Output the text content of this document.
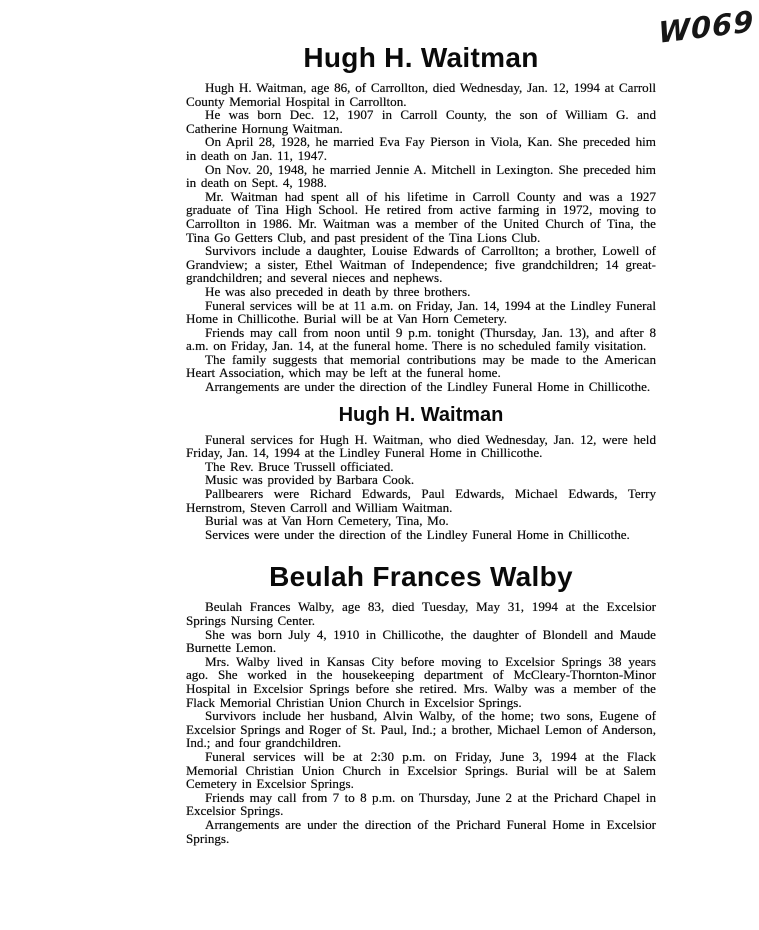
W069
Hugh H. Waitman

Hugh H. Waitman, age 86, of Carrollton, died Wednesday, Jan. 12, 1994 at Carroll County Memorial Hospital in Carrollton.

He was born Dec. 12, 1907 in Carroll County, the son of William G. and Catherine Hornung Waitman.

On April 28, 1928, he married Eva Fay Pierson in Viola, Kan. She preceded him in death on Jan. 11, 1947.

On Nov. 20, 1948, he married Jennie A. Mitchell in Lexington. She preceded him in death on Sept. 4, 1988.

Mr. Waitman had spent all of his lifetime in Carroll County and was a 1927 graduate of Tina High School. He retired from active farming in 1972, moving to Carrollton in 1986. Mr. Waitman was a member of the United Church of Tina, the Tina Go Getters Club, and past president of the Tina Lions Club.

Survivors include a daughter, Louise Edwards of Carrollton; a brother, Lowell of Grandview; a sister, Ethel Waitman of Independence; five grandchildren; 14 great-grandchildren; and several nieces and nephews.

He was also preceded in death by three brothers.

Funeral services will be at 11 a.m. on Friday, Jan. 14, 1994 at the Lindley Funeral Home in Chillicothe. Burial will be at Van Horn Cemetery.

Friends may call from noon until 9 p.m. tonight (Thursday, Jan. 13), and after 8 a.m. on Friday, Jan. 14, at the funeral home. There is no scheduled family visitation.

The family suggests that memorial contributions may be made to the American Heart Association, which may be left at the funeral home.

Arrangements are under the direction of the Lindley Funeral Home in Chillicothe.

Hugh H. Waitman

Funeral services for Hugh H. Waitman, who died Wednesday, Jan. 12, were held Friday, Jan. 14, 1994 at the Lindley Funeral Home in Chillicothe.

The Rev. Bruce Trussell officiated.

Music was provided by Barbara Cook.

Pallbearers were Richard Edwards, Paul Edwards, Michael Edwards, Terry Hernstrom, Steven Carroll and William Waitman.

Burial was at Van Horn Cemetery, Tina, Mo.

Services were under the direction of the Lindley Funeral Home in Chillicothe.

Beulah Frances Walby

Beulah Frances Walby, age 83, died Tuesday, May 31, 1994 at the Excelsior Springs Nursing Center.

She was born July 4, 1910 in Chillicothe, the daughter of Blondell and Maude Burnette Lemon.

Mrs. Walby lived in Kansas City before moving to Excelsior Springs 38 years ago. She worked in the housekeeping department of McCleary-Thornton-Minor Hospital in Excelsior Springs before she retired. Mrs. Walby was a member of the Flack Memorial Christian Union Church in Excelsior Springs.

Survivors include her husband, Alvin Walby, of the home; two sons, Eugene of Excelsior Springs and Roger of St. Paul, Ind.; a brother, Michael Lemon of Anderson, Ind.; and four grandchildren.

Funeral services will be at 2:30 p.m. on Friday, June 3, 1994 at the Flack Memorial Christian Union Church in Excelsior Springs. Burial will be at Salem Cemetery in Excelsior Springs.

Friends may call from 7 to 8 p.m. on Thursday, June 2 at the Prichard Chapel in Excelsior Springs.

Arrangements are under the direction of the Prichard Funeral Home in Excelsior Springs.
